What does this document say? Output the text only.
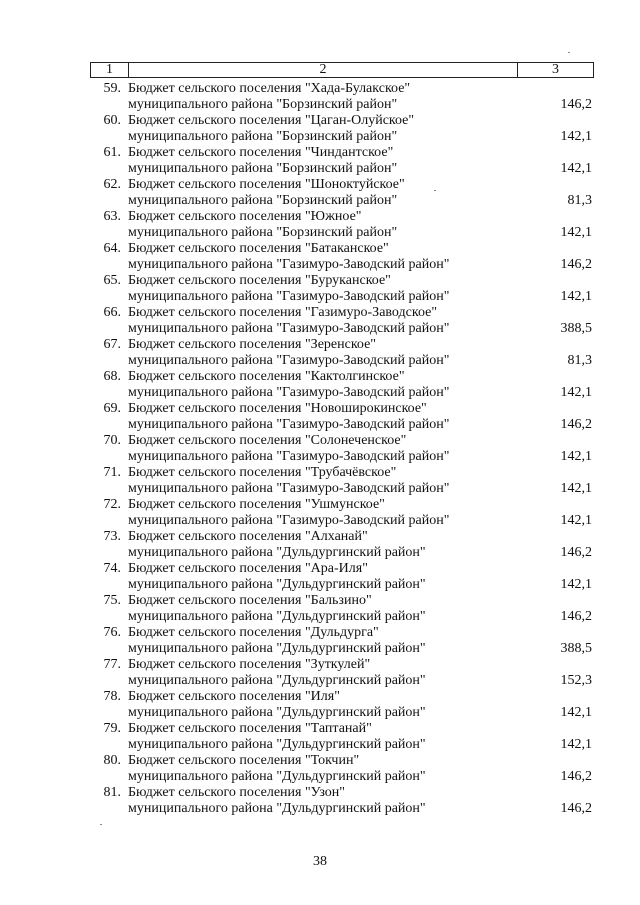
1	2	3
59. Бюджет сельского поселения "Хада-Булакское"
муниципального района "Борзинский район"	146,2
60. Бюджет сельского поселения "Цаган-Олуйское"
муниципального района "Борзинский район"	142,1
61. Бюджет сельского поселения "Чиндантское"
муниципального района "Борзинский район"	142,1
62. Бюджет сельского поселения "Шоноктуйское"
муниципального района "Борзинский район"	81,3
63. Бюджет сельского поселения "Южное"
муниципального района "Борзинский район"	142,1
64. Бюджет сельского поселения "Батаканское"
муниципального района "Газимуро-Заводский район"	146,2
65. Бюджет сельского поселения "Буруканское"
муниципального района "Газимуро-Заводский район"	142,1
66. Бюджет сельского поселения "Газимуро-Заводское"
муниципального района "Газимуро-Заводский район"	388,5
67. Бюджет сельского поселения "Зеренское"
муниципального района "Газимуро-Заводский район"	81,3
68. Бюджет сельского поселения "Кактолгинское"
муниципального района "Газимуро-Заводский район"	142,1
69. Бюджет сельского поселения "Новоширокинское"
муниципального района "Газимуро-Заводский район"	146,2
70. Бюджет сельского поселения "Солонеченское"
муниципального района "Газимуро-Заводский район"	142,1
71. Бюджет сельского поселения "Трубачёвское"
муниципального района "Газимуро-Заводский район"	142,1
72. Бюджет сельского поселения "Ушмунское"
муниципального района "Газимуро-Заводский район"	142,1
73. Бюджет сельского поселения "Алханай"
муниципального района "Дульдургинский район"	146,2
74. Бюджет сельского поселения "Ара-Иля"
муниципального района "Дульдургинский район"	142,1
75. Бюджет сельского поселения "Бальзино"
муниципального района "Дульдургинский район"	146,2
76. Бюджет сельского поселения "Дульдурга"
муниципального района "Дульдургинский район"	388,5
77. Бюджет сельского поселения "Зуткулей"
муниципального района "Дульдургинский район"	152,3
78. Бюджет сельского поселения "Иля"
муниципального района "Дульдургинский район"	142,1
79. Бюджет сельского поселения "Таптанай"
муниципального района "Дульдургинский район"	142,1
80. Бюджет сельского поселения "Токчин"
муниципального района "Дульдургинский район"	146,2
81. Бюджет сельского поселения "Узон"
муниципального района "Дульдургинский район"	146,2
38
